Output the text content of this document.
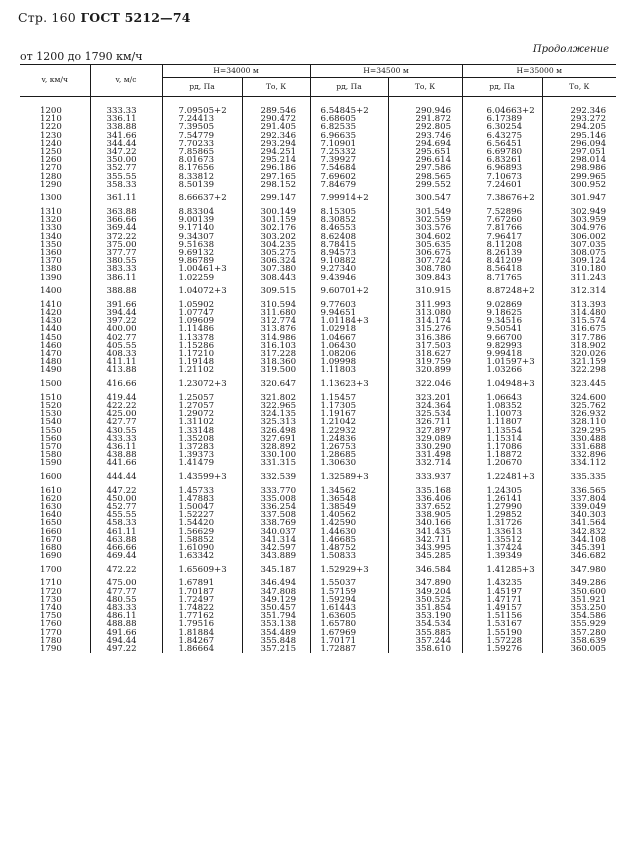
Стр. 160 ГОСТ 5212—74
Продолжение
от 1200 до 1790 км/ч
v, км/ч	v, м/с	H=34000 м		H=34500 м		H=35000 м	
		pд, Па	Tо, К	pд, Па	Tо, К	pд, Па	Tо, К
1200	333.33	7.09505+2	289.546	6.54845+2	290.946	6.04663+2	292.346
1210	336.11	7.24413	290.472	6.68605	291.872	6.17389	293.272
1220	338.88	7.39505	291.405	6.82535	292.805	6.30254	294.205
1230	341.66	7.54779	292.346	6.96635	293.746	6.43275	295.146
1240	344.44	7.70233	293.294	7.10901	294.694	6.56451	296.094
1250	347.22	7.85865	294.251	7.25332	295.651	6.69780	297.051
1260	350.00	8.01673	295.214	7.39927	296.614	6.83261	298.014
1270	352.77	8.17656	296.186	7.54684	297.586	6.96893	298.986
1280	355.55	8.33812	297.165	7.69602	298.565	7.10673	299.965
1290	358.33	8.50139	298.152	7.84679	299.552	7.24601	300.952
1300	361.11	8.66637+2	299.147	7.99914+2	300.547	7.38676+2	301.947
1310	363.88	8.83304	300.149	8.15305	301.549	7.52896	302.949
1320	366.66	9.00139	301.159	8.30852	302.559	7.67260	303.959
1330	369.44	9.17140	302.176	8.46553	303.576	7.81766	304.976
1340	372.22	9.34307	303.202	8.62408	304.602	7.96417	306.002
1350	375.00	9.51638	304.235	8.78415	305.635	8.11208	307.035
1360	377.77	9.69132	305.275	8.94573	306.675	8.26139	308.075
1370	380.55	9.86789	306.324	9.10882	307.724	8.41209	309.124
1380	383.33	1.00461+3	307.380	9.27340	308.780	8.56418	310.180
1390	386.11	1.02259	308.443	9.43946	309.843	8.71765	311.243
1400	388.88	1.04072+3	309.515	9.60701+2	310.915	8.87248+2	312.314
1410	391.66	1.05902	310.594	9.77603	311.993	9.02869	313.393
1420	394.44	1.07747	311.680	9.94651	313.080	9.18625	314.480
1430	397.22	1.09609	312.774	1.01184+3	314.174	9.34516	315.574
1440	400.00	1.11486	313.876	1.02918	315.276	9.50541	316.675
1450	402.77	1.13378	314.986	1.04667	316.386	9.66700	317.786
1460	405.55	1.15286	316.103	1.06430	317.503	9.82993	318.902
1470	408.33	1.17210	317.228	1.08206	318.627	9.99418	320.026
1480	411.11	1.19148	318.360	1.09998	319.759	1.01597+3	321.159
1490	413.88	1.21102	319.500	1.11803	320.899	1.03266	322.298
1500	416.66	1.23072+3	320.647	1.13623+3	322.046	1.04948+3	323.445
1510	419.44	1.25057	321.802	1.15457	323.201	1.06643	324.600
1520	422.22	1.27057	322.965	1.17305	324.364	1.08352	325.762
1530	425.00	1.29072	324.135	1.19167	325.534	1.10073	326.932
1540	427.77	1.31102	325.313	1.21042	326.711	1.11807	328.110
1550	430.55	1.33148	326.498	1.22932	327.897	1.13554	329.295
1560	433.33	1.35208	327.691	1.24836	329.089	1.15314	330.488
1570	436.11	1.37283	328.892	1.26753	330.290	1.17086	331.688
1580	438.88	1.39373	330.100	1.28685	331.498	1.18872	332.896
1590	441.66	1.41479	331.315	1.30630	332.714	1.20670	334.112
1600	444.44	1.43599+3	332.539	1.32589+3	333.937	1.22481+3	335.335
1610	447.22	1.45733	333.770	1.34562	335.168	1.24305	336.565
1620	450.00	1.47883	335.008	1.36548	336.406	1.26141	337.804
1630	452.77	1.50047	336.254	1.38549	337.652	1.27990	339.049
1640	455.55	1.52227	337.508	1.40562	338.905	1.29852	340.303
1650	458.33	1.54420	338.769	1.42590	340.166	1.31726	341.564
1660	461.11	1.56629	340.037	1.44630	341.435	1.33613	342.832
1670	463.88	1.58852	341.314	1.46685	342.711	1.35512	344.108
1680	466.66	1.61090	342.597	1.48752	343.995	1.37424	345.391
1690	469.44	1.63342	343.889	1.50833	345.285	1.39349	346.682
1700	472.22	1.65609+3	345.187	1.52929+3	346.584	1.41285+3	347.980
1710	475.00	1.67891	346.494	1.55037	347.890	1.43235	349.286
1720	477.77	1.70187	347.808	1.57159	349.204	1.45197	350.600
1730	480.55	1.72497	349.129	1.59294	350.525	1.47171	351.921
1740	483.33	1.74822	350.457	1.61443	351.854	1.49157	353.250
1750	486.11	1.77162	351.794	1.63605	353.190	1.51156	354.586
1760	488.88	1.79516	353.138	1.65780	354.534	1.53167	355.929
1770	491.66	1.81884	354.489	1.67969	355.885	1.55190	357.280
1780	494.44	1.84267	355.848	1.70171	357.244	1.57228	358.639
1790	497.22	1.86664	357.215	1.72887	358.610	1.59276	360.005
